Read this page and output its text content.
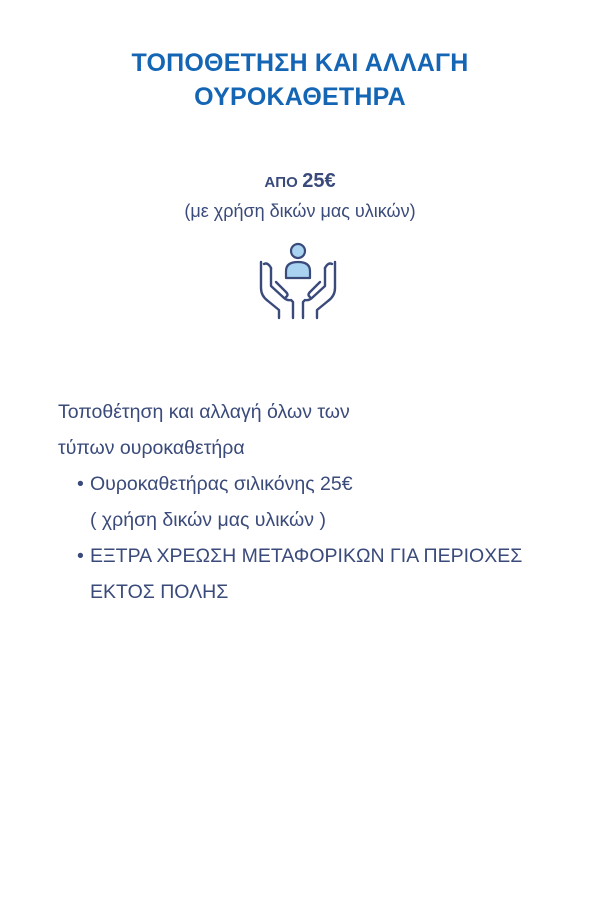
ΤΟΠΟΘΕΤΗΣΗ ΚΑΙ ΑΛΛΑΓΗ
ΟΥΡΟΚΑΘΕΤΗΡΑ
ΑΠΟ 25€
(με χρήση δικών μας υλικών)
Τοποθέτηση και αλλαγή όλων των
τύπων ουροκαθετήρα
• Ουροκαθετήρας σιλικόνης 25€
( χρήση δικών μας υλικών )
• ΕΞΤΡΑ ΧΡΕΩΣΗ ΜΕΤΑΦΟΡΙΚΩΝ ΓΙΑ ΠΕΡΙΟΧΕΣ
ΕΚΤΟΣ ΠΟΛΗΣ
